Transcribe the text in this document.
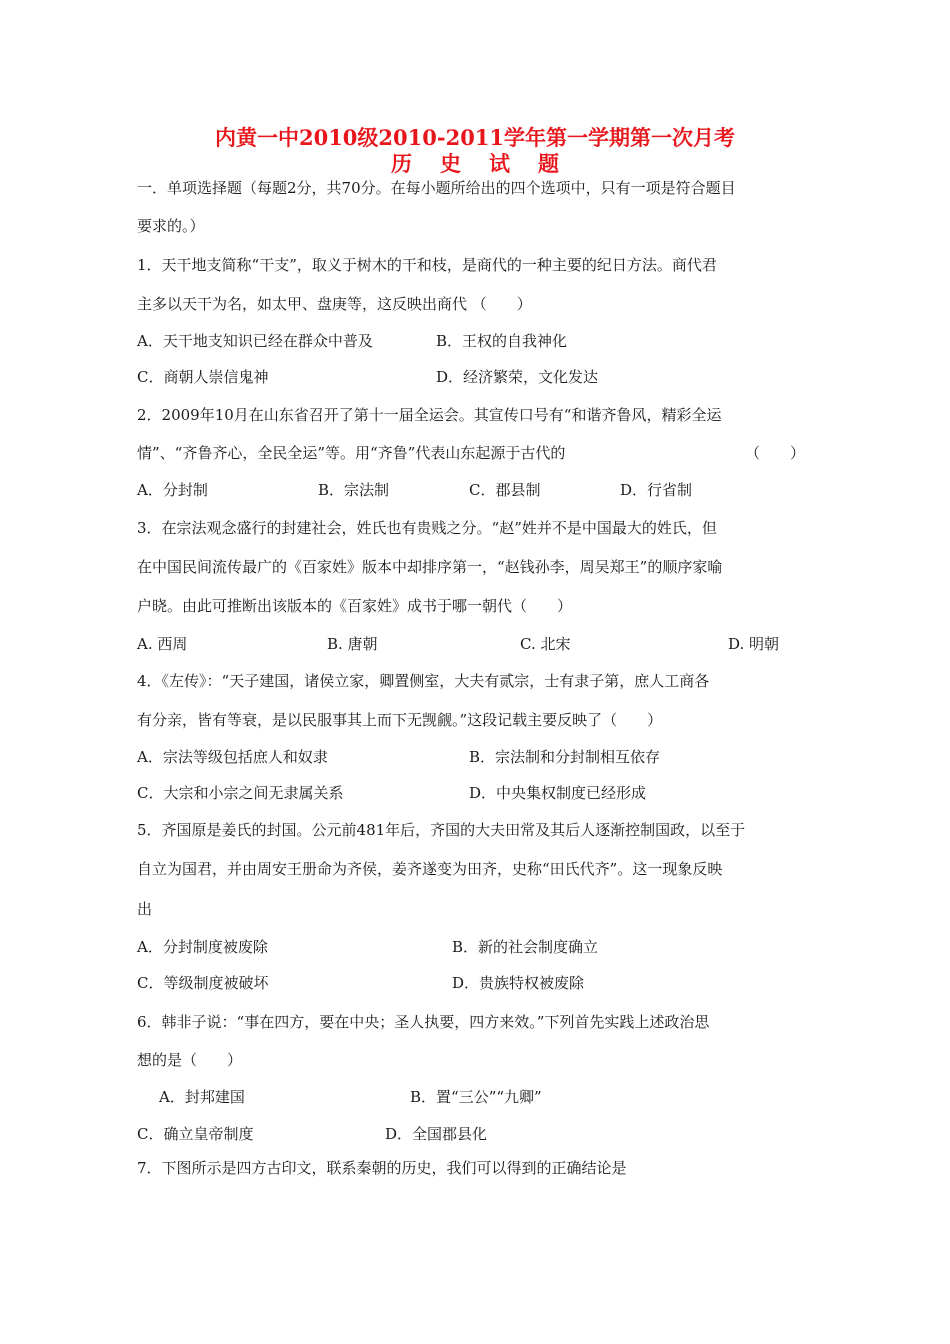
内黄一中2010级2010-2011学年第一学期第一次月考
历 史 试 题
一．单项选择题（每题2分，共70分。在每小题所给出的四个选项中，只有一项是符合题目
要求的。）
1．天干地支简称“干支”，取义于树木的干和枝，是商代的一种主要的纪日方法。商代君
主多以天干为名，如太甲、盘庚等，这反映出商代 （　　）
A．天干地支知识已经在群众中普及	B．王权的自我神化
C．商朝人崇信鬼神	D．经济繁荣，文化发达
2．2009年10月在山东省召开了第十一届全运会。其宣传口号有“和谐齐鲁风，精彩全运
情”、“齐鲁齐心，全民全运”等。用“齐鲁”代表山东起源于古代的	（　　）
A．分封制	B．宗法制	C．郡县制	D．行省制
3．在宗法观念盛行的封建社会，姓氏也有贵贱之分。“赵”姓并不是中国最大的姓氏，但
在中国民间流传最广的《百家姓》版本中却排序第一，“赵钱孙李，周吴郑王”的顺序家喻
户晓。由此可推断出该版本的《百家姓》成书于哪一朝代（　　）
A. 西周	B. 唐朝	C. 北宋	D. 明朝
4．《左传》：“天子建国，诸侯立家，卿置侧室，大夫有贰宗，士有隶子第，庶人工商各
有分亲，皆有等衰，是以民服事其上而下无觊觎。”这段记载主要反映了（　　）
A．宗法等级包括庶人和奴隶	B．宗法制和分封制相互依存
C．大宗和小宗之间无隶属关系	D．中央集权制度已经形成
5．齐国原是姜氏的封国。公元前481年后，齐国的大夫田常及其后人逐渐控制国政，以至于
自立为国君，并由周安王册命为齐侯，姜齐遂变为田齐，史称“田氏代齐”。这一现象反映
出
A．分封制度被废除	B．新的社会制度确立
C．等级制度被破坏	D．贵族特权被废除
6．韩非子说：“事在四方，要在中央；圣人执要，四方来效。”下列首先实践上述政治思
想的是（　　）
A．封邦建国	B．置“三公”“九卿”
C．确立皇帝制度	D．全国郡县化
7．下图所示是四方古印文，联系秦朝的历史，我们可以得到的正确结论是
